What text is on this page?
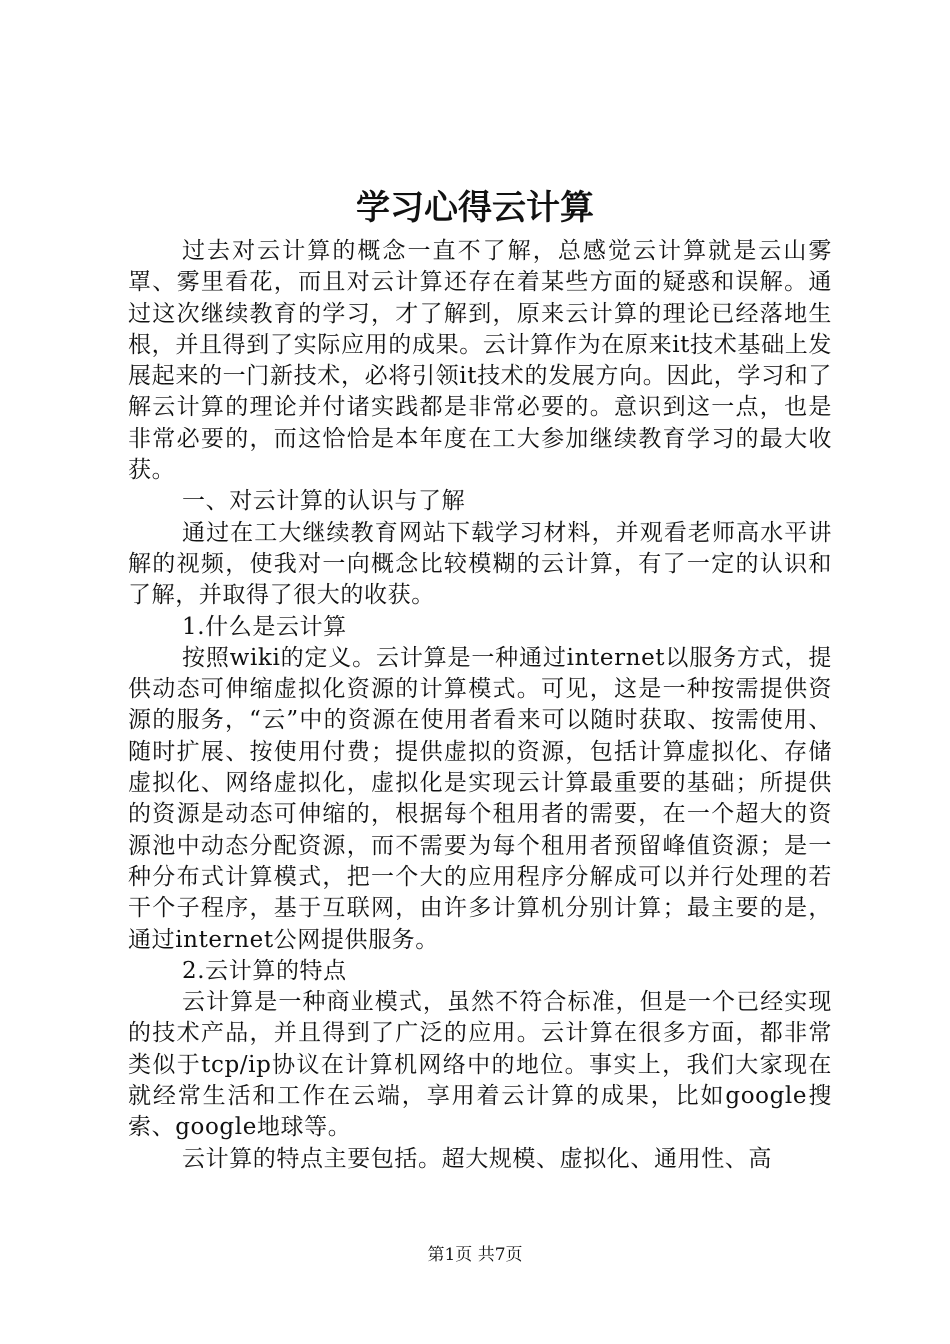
学习心得云计算

过去对云计算的概念一直不了解，总感觉云计算就是云山雾罩、雾里看花，而且对云计算还存在着某些方面的疑惑和误解。通过这次继续教育的学习，才了解到，原来云计算的理论已经落地生根，并且得到了实际应用的成果。云计算作为在原来it技术基础上发展起来的一门新技术，必将引领it技术的发展方向。因此，学习和了解云计算的理论并付诸实践都是非常必要的。意识到这一点，也是非常必要的，而这恰恰是本年度在工大参加继续教育学习的最大收获。

一、对云计算的认识与了解

通过在工大继续教育网站下载学习材料，并观看老师高水平讲解的视频，使我对一向概念比较模糊的云计算，有了一定的认识和了解，并取得了很大的收获。

1.什么是云计算

按照wiki的定义。云计算是一种通过internet以服务方式，提供动态可伸缩虚拟化资源的计算模式。可见，这是一种按需提供资源的服务，“云”中的资源在使用者看来可以随时获取、按需使用、随时扩展、按使用付费；提供虚拟的资源，包括计算虚拟化、存储虚拟化、网络虚拟化，虚拟化是实现云计算最重要的基础；所提供的资源是动态可伸缩的，根据每个租用者的需要，在一个超大的资源池中动态分配资源，而不需要为每个租用者预留峰值资源；是一种分布式计算模式，把一个大的应用程序分解成可以并行处理的若干个子程序，基于互联网，由许多计算机分别计算；最主要的是，通过internet公网提供服务。

2.云计算的特点

云计算是一种商业模式，虽然不符合标准，但是一个已经实现的技术产品，并且得到了广泛的应用。云计算在很多方面，都非常类似于tcp/ip协议在计算机网络中的地位。事实上，我们大家现在就经常生活和工作在云端，享用着云计算的成果，比如google搜索、google地球等。

云计算的特点主要包括。超大规模、虚拟化、通用性、高

第1页 共7页
